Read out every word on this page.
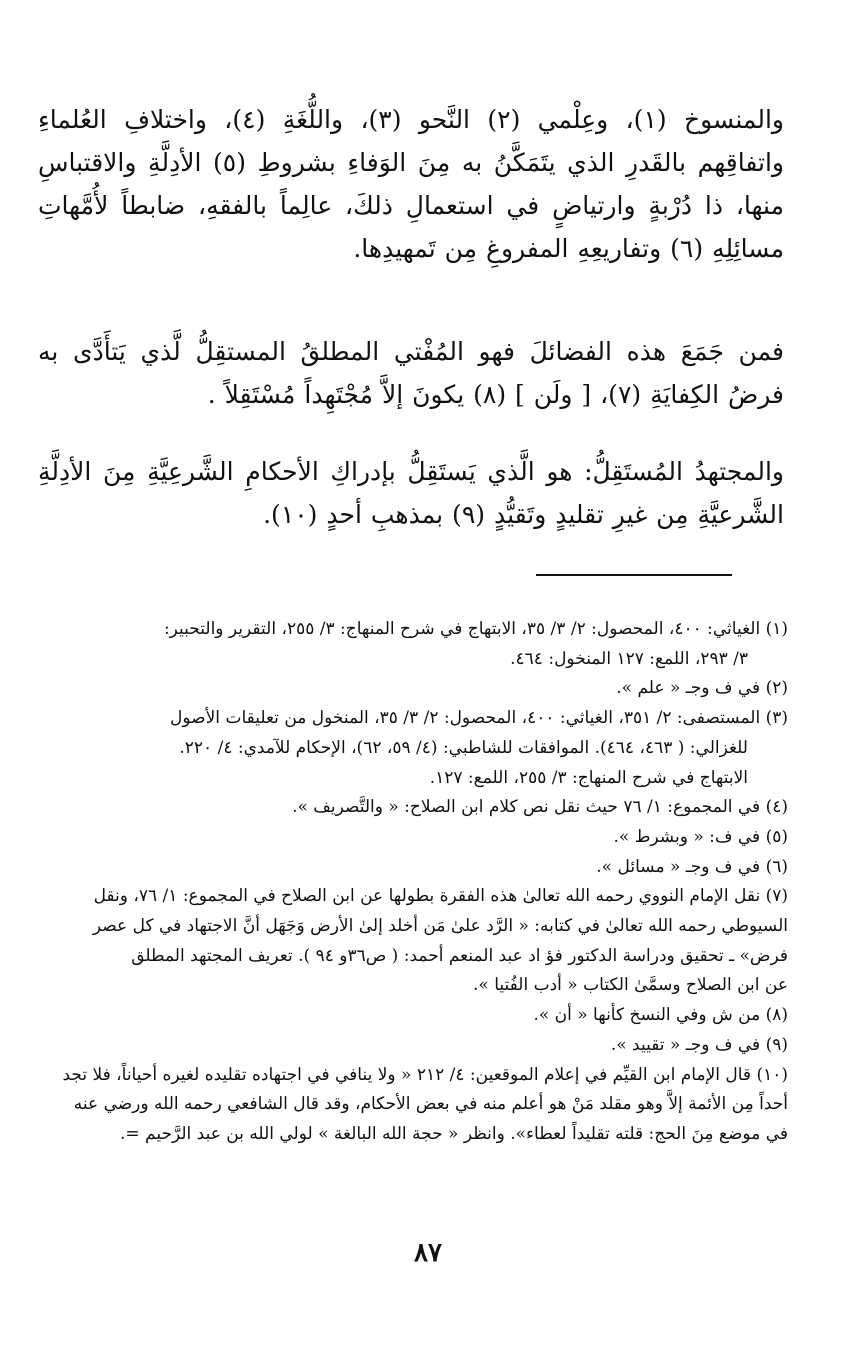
والمنسوخ (١)، وعِلْمي (٢) النَّحو (٣)، واللُّغَةِ (٤)، واختلافِ العُلماءِ واتفاقِهم بالقَدرِ الذي يتَمَكَّنُ به مِنَ الوَفاءِ بشروطِ (٥) الأدِلَّةِ والاقتباسِ منها، ذا دُرْبةٍ وارتياضٍ في استعمالِ ذلكَ، عالِماً بالفقهِ، ضابطاً لأُمَّهاتِ مسائِلِهِ (٦) وتفاريعِهِ المفروغِ مِن تَمهيدِها.

فمن جَمَعَ هذه الفضائلَ فهو المُفْتي المطلقُ المستقِلُّ لَّذي يَتأَدَّى به فرضُ الكِفايَةِ (٧)، [ ولَن ] (٨) يكونَ إلاَّ مُجْتَهِداً مُسْتَقِلاً .

والمجتهدُ المُستَقِلُّ: هو الَّذي يَستَقِلُّ بإدراكِ الأحكامِ الشَّرعِيَّةِ مِنَ الأدِلَّةِ الشَّرعيَّةِ مِن غيرِ تقليدٍ وتَقيُّدٍ (٩) بمذهبِ أحدٍ (١٠).

(١) الغياثي: ٤٠٠، المحصول: ٢/ ٣/ ٣٥، الابتهاج في شرح المنهاج: ٣/ ٢٥٥، التقرير والتحبير:
٣/ ٢٩٣، اللمع: ١٢٧ المنخول: ٤٦٤.
(٢) في ف وجـ « علم ».
(٣) المستصفى: ٢/ ٣٥١، الغياثي: ٤٠٠، المحصول: ٢/ ٣/ ٣٥، المنخول من تعليقات الأصول
للغزالي: ( ٤٦٣، ٤٦٤). الموافقات للشاطبي: (٤/ ٥٩، ٦٢)، الإحكام للآمدي: ٤/ ٢٢٠.
الابتهاج في شرح المنهاج: ٣/ ٢٥٥، اللمع: ١٢٧.
(٤) في المجموع: ١/ ٧٦ حيث نقل نص كلام ابن الصلاح: « والتَّصريف ».
(٥) في ف: « وبشرط ».
(٦) في ف وجـ « مسائل ».
(٧) نقل الإمام النووي رحمه الله تعالىٰ هذه الفقرة بطولها عن ابن الصلاح في المجموع: ١/ ٧٦، ونقل
السيوطي رحمه الله تعالىٰ في كتابه: « الرَّد علىٰ مَن أخلد إلىٰ الأرض وَجَهَل أنَّ الاجتهاد في كل عصر
فرض» ـ تحقيق ودراسة الدكتور فؤ اد عبد المنعم أحمد: ( ص٣٦و ٩٤ ). تعريف المجتهد المطلق
عن ابن الصلاح وسمَّىٰ الكتاب « أدب الفُتيا ».
(٨) من ش وفي النسخ كأنها « أن ».
(٩) في ف وجـ « تقييد ».
(١٠) قال الإمام ابن القيِّم في إعلام الموقعين: ٤/ ٢١٢ « ولا ينافي في اجتهاده تقليده لغيره أحياناً، فلا تجد
أحداً مِن الأئمة إلاَّ وهو مقلد مَنْ هو أعلم منه في بعض الأحكام، وقد قال الشافعي رحمه الله ورضي عنه
في موضع مِنَ الحج: قلته تقليداً لعطاء». وانظر « حجة الله البالغة » لولي الله بن عبد الرَّحيم =.
٨٧
